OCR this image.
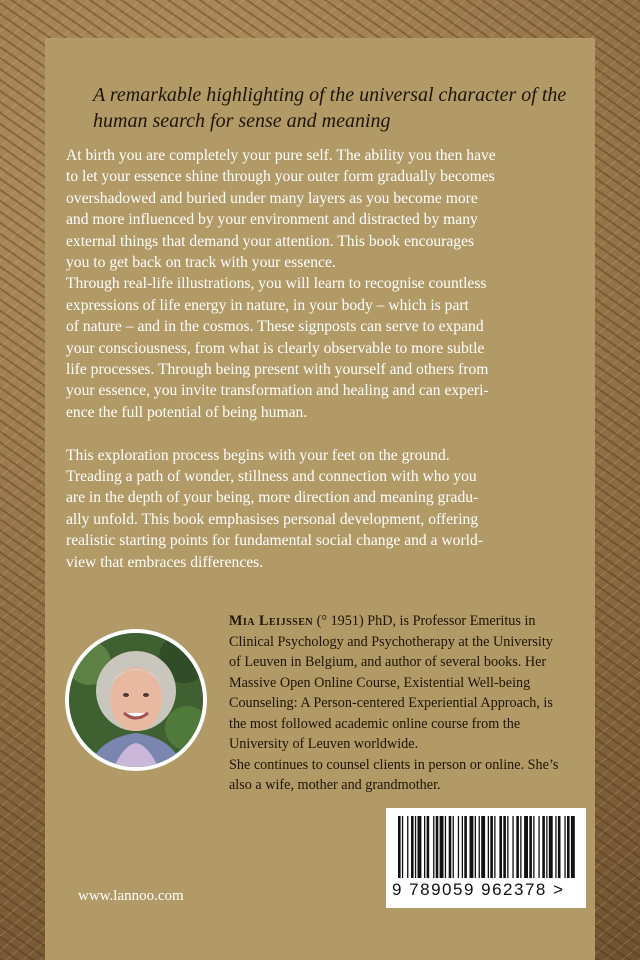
A remarkable highlighting of the universal character of the human search for sense and meaning

At birth you are completely your pure self. The ability you then have
to let your essence shine through your outer form gradually becomes
overshadowed and buried under many layers as you become more
and more influenced by your environment and distracted by many
external things that demand your attention. This book encourages
you to get back on track with your essence.

Through real-life illustrations, you will learn to recognise countless
expressions of life energy in nature, in your body – which is part
of nature – and in the cosmos. These signposts can serve to expand
your consciousness, from what is clearly observable to more subtle
life processes. Through being present with yourself and others from
your essence, you invite transformation and healing and can experi-
ence the full potential of being human.

This exploration process begins with your feet on the ground.
Treading a path of wonder, stillness and connection with who you
are in the depth of your being, more direction and meaning gradu-
ally unfold. This book emphasises personal development, offering
realistic starting points for fundamental social change and a world-
view that embraces differences.

Mia Leijssen (° 1951) PhD, is Professor Emeritus in
Clinical Psychology and Psychotherapy at the University
of Leuven in Belgium, and author of several books. Her
Massive Open Online Course, Existential Well-being
Counseling: A Person-centered Experiential Approach, is
the most followed academic online course from the
University of Leuven worldwide.

She continues to counsel clients in person or online. She’s
also a wife, mother and grandmother.

9 789059 962378 >

www.lannoo.com
